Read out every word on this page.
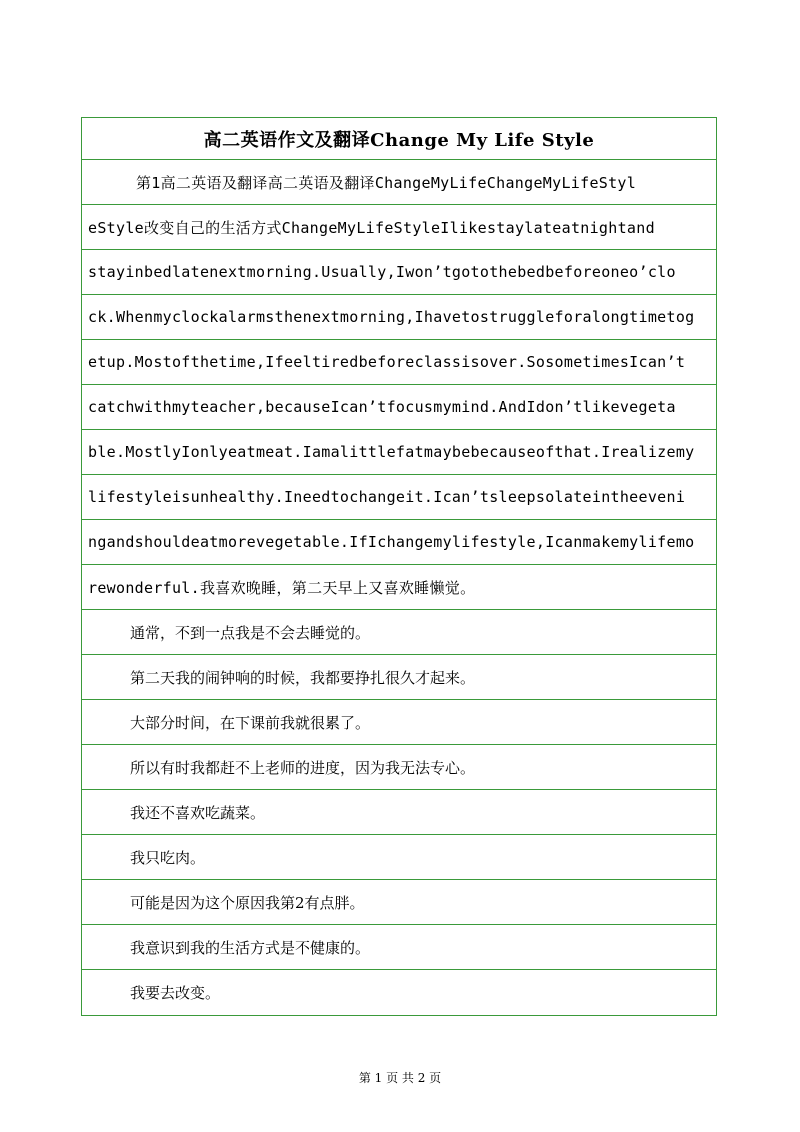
高二英语作文及翻译Change My Life Style
第1高二英语及翻译高二英语及翻译ChangeMyLifeChangeMyLifeStyl
eStyle改变自己的生活方式ChangeMyLifeStyleIlikestaylateatnightand
stayinbedlatenextmorning.Usually,Iwon’tgotothebedbeforeoneo’clo
ck.Whenmyclockalarmsthenextmorning,Ihavetostruggleforalongtimetog
etup.Mostofthetime,Ifeeltiredbeforeclassisover.SosometimesIcan’t
catchwithmyteacher,becauseIcan’tfocusmymind.AndIdon’tlikevegeta
ble.MostlyIonlyeatmeat.Iamalittlefatmaybebecauseofthat.Irealizemy
lifestyleisunhealthy.Ineedtochangeit.Ican’tsleepsolateintheeveni
ngandshouldeatmorevegetable.IfIchangemylifestyle,Icanmakemylifemo
rewonderful.我喜欢晚睡，第二天早上又喜欢睡懒觉。
通常，不到一点我是不会去睡觉的。
第二天我的闹钟响的时候，我都要挣扎很久才起来。
大部分时间，在下课前我就很累了。
所以有时我都赶不上老师的进度，因为我无法专心。
我还不喜欢吃蔬菜。
我只吃肉。
可能是因为这个原因我第2有点胖。
我意识到我的生活方式是不健康的。
我要去改变。
第 1 页 共 2 页
